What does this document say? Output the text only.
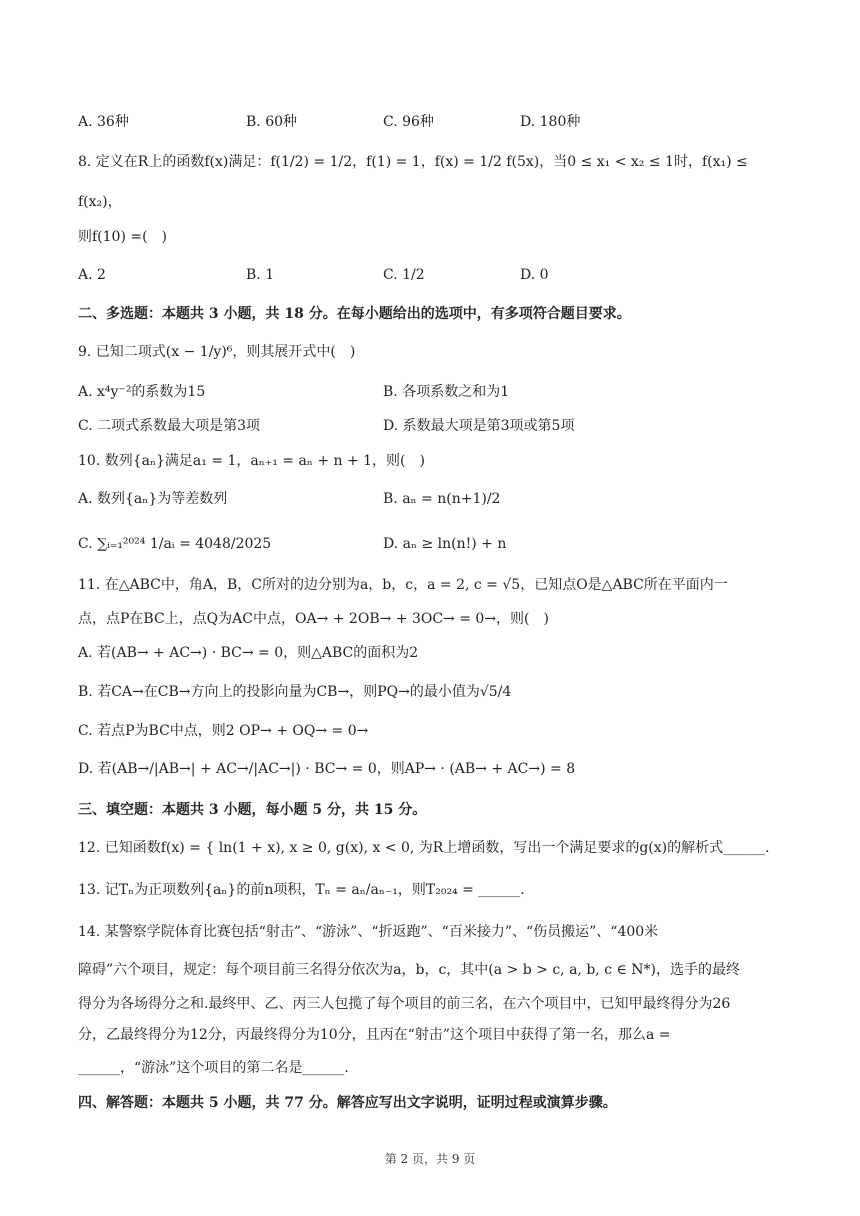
A. 36种	B. 60种	C. 96种	D. 180种
8. 定义在R上的函数f(x)满足：f(1/2) = 1/2，f(1) = 1，f(x) = 1/2 f(5x)，当0 ≤ x₁ < x₂ ≤ 1时，f(x₁) ≤
f(x₂)，
则f(10) =(　)
A. 2	B. 1	C. 1/2	D. 0
二、多选题：本题共 3 小题，共 18 分。在每小题给出的选项中，有多项符合题目要求。
9. 已知二项式(x − 1/y)⁶，则其展开式中(　)
A. x⁴y⁻²的系数为15	B. 各项系数之和为1
C. 二项式系数最大项是第3项	D. 系数最大项是第3项或第5项
10. 数列{aₙ}满足a₁ = 1，aₙ₊₁ = aₙ + n + 1，则(　)
A. 数列{aₙ}为等差数列	B. aₙ = n(n+1)/2
C. ∑ᵢ₌₁²⁰²⁴ 1/aᵢ = 4048/2025	D. aₙ ≥ ln(n!) + n
11. 在△ABC中，角A，B，C所对的边分别为a，b，c，a = 2, c = √5，已知点O是△ABC所在平面内一
点，点P在BC上，点Q为AC中点，OA→ + 2OB→ + 3OC→ = 0→，则(　)
A. 若(AB→ + AC→) · BC→ = 0，则△ABC的面积为2
B. 若CA→在CB→方向上的投影向量为CB→，则PQ→的最小值为√5/4
C. 若点P为BC中点，则2 OP→ + OQ→ = 0→
D. 若(AB→/|AB→| + AC→/|AC→|) · BC→ = 0，则AP→ · (AB→ + AC→) = 8
三、填空题：本题共 3 小题，每小题 5 分，共 15 分。
12. 已知函数f(x) = { ln(1 + x), x ≥ 0, g(x), x < 0, 为R上增函数，写出一个满足要求的g(x)的解析式______.
13. 记Tₙ为正项数列{aₙ}的前n项积，Tₙ = aₙ/aₙ₋₁，则T₂₀₂₄ = ______.
14. 某警察学院体育比赛包括“射击”、“游泳”、“折返跑”、“百米接力”、“伤员搬运”、“400米
障碍”六个项目，规定：每个项目前三名得分依次为a，b，c，其中(a > b > c, a, b, c ∈ N*)，选手的最终
得分为各场得分之和.最终甲、乙、丙三人包揽了每个项目的前三名，在六个项目中，已知甲最终得分为26
分，乙最终得分为12分，丙最终得分为10分，且丙在“射击”这个项目中获得了第一名，那么a =
______，“游泳”这个项目的第二名是______.
四、解答题：本题共 5 小题，共 77 分。解答应写出文字说明，证明过程或演算步骤。
第 2 页，共 9 页
